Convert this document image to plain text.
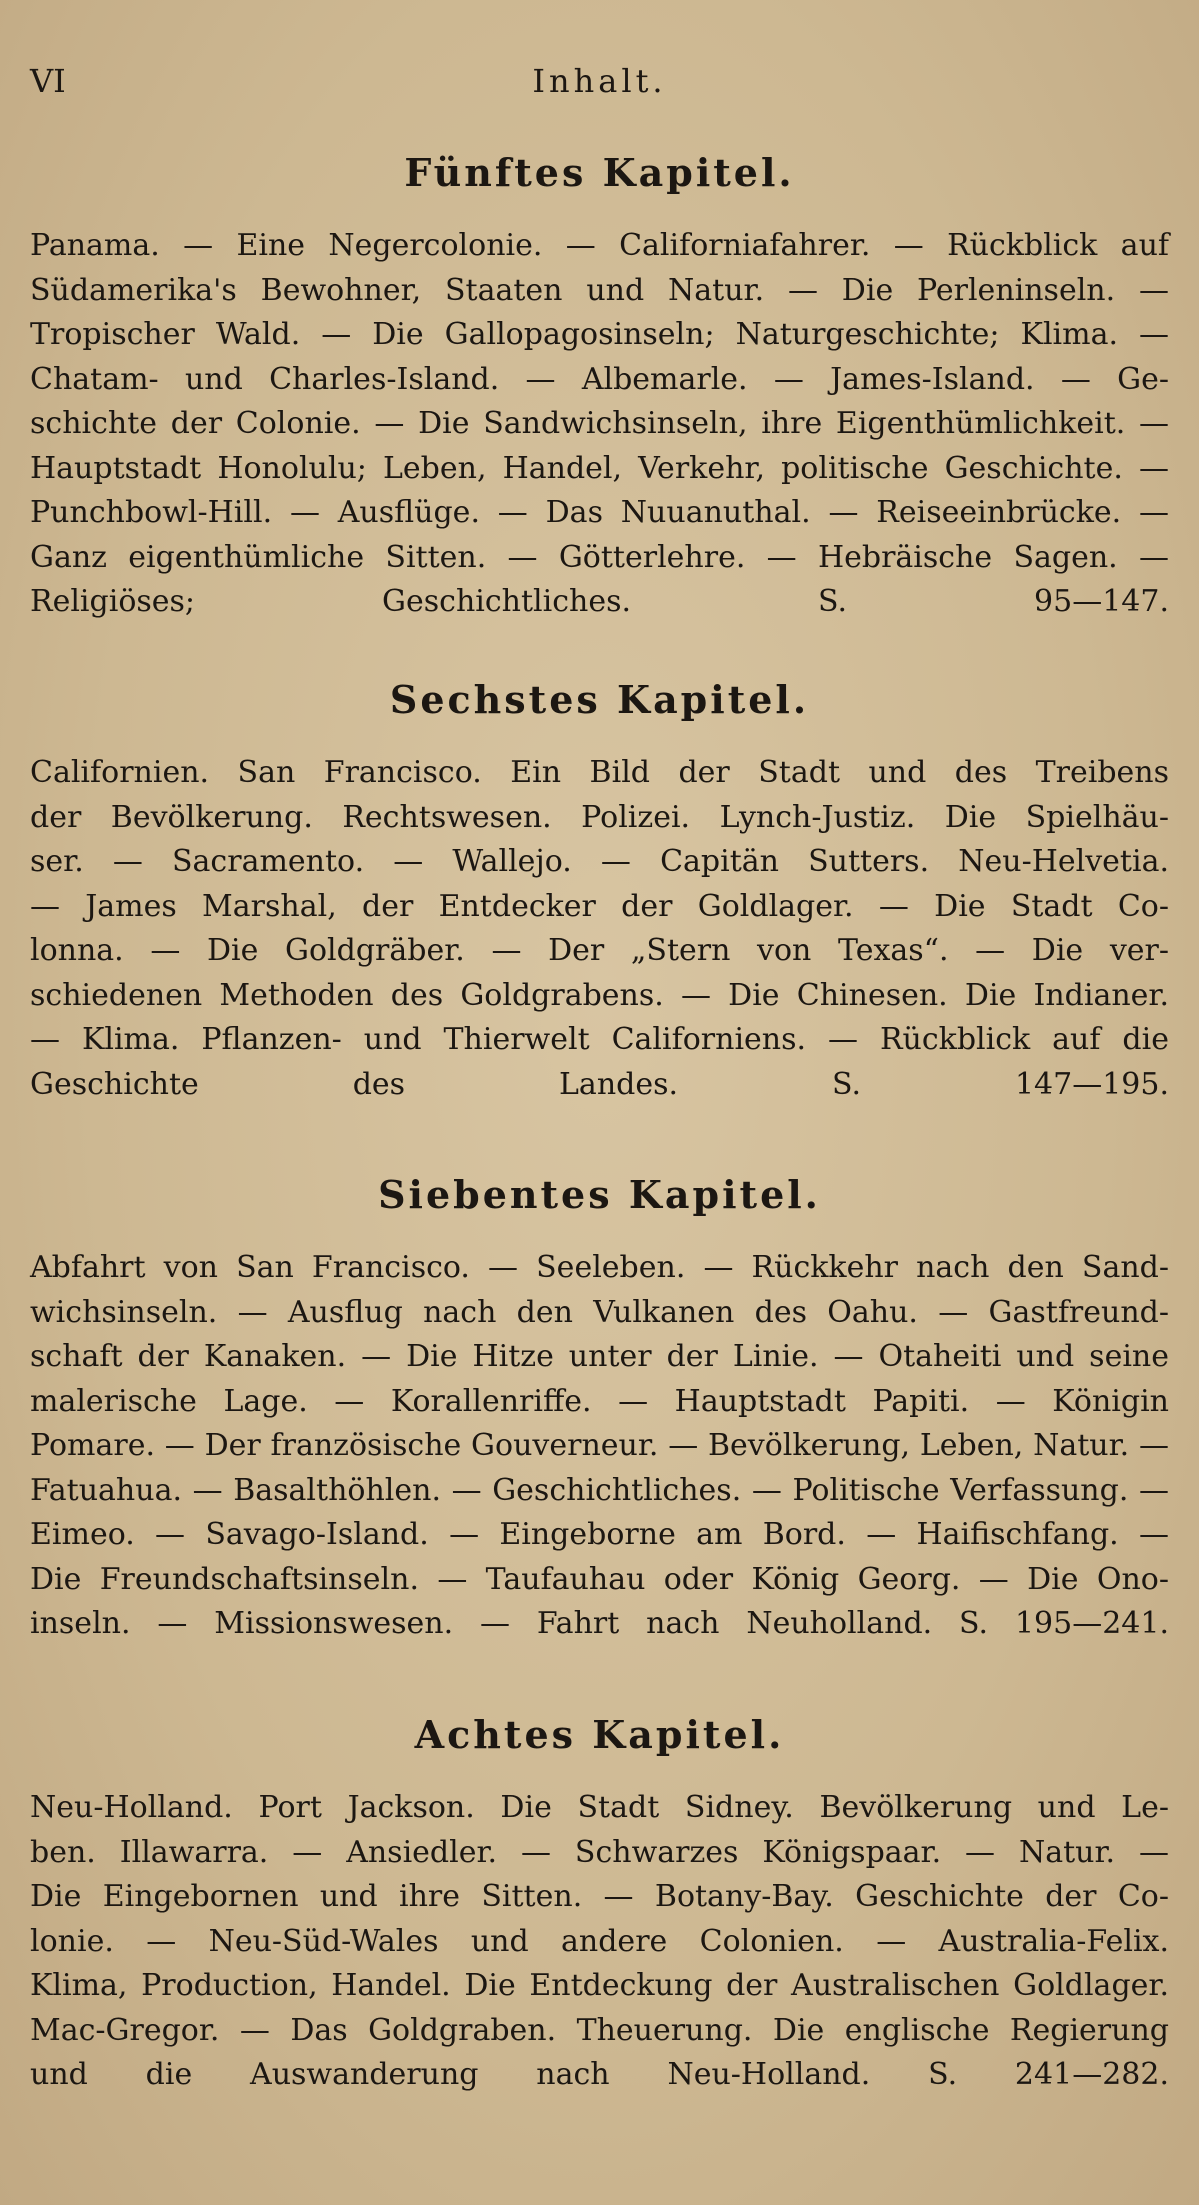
VI	Inhalt.
Fünftes Kapitel.
Panama. — Eine Negercolonie. — Californiafahrer. — Rückblick auf
Südamerika's Bewohner, Staaten und Natur. — Die Perleninseln. —
Tropischer Wald. — Die Gallopagosinseln; Naturgeschichte; Klima. —
Chatam- und Charles-Island. — Albemarle. — James-Island. — Ge-
schichte der Colonie. — Die Sandwichsinseln, ihre Eigenthümlichkeit. —
Hauptstadt Honolulu; Leben, Handel, Verkehr, politische Geschichte. —
Punchbowl-Hill. — Ausflüge. — Das Nuuanuthal. — Reiseeinbrücke. —
Ganz eigenthümliche Sitten. — Götterlehre. — Hebräische Sagen. —
Religiöses; Geschichtliches. S. 95—147.
Sechstes Kapitel.
Californien. San Francisco. Ein Bild der Stadt und des Treibens
der Bevölkerung. Rechtswesen. Polizei. Lynch-Justiz. Die Spielhäu-
ser. — Sacramento. — Wallejo. — Capitän Sutters. Neu-Helvetia.
— James Marshal, der Entdecker der Goldlager. — Die Stadt Co-
lonna. — Die Goldgräber. — Der „Stern von Texas“. — Die ver-
schiedenen Methoden des Goldgrabens. — Die Chinesen. Die Indianer.
— Klima. Pflanzen- und Thierwelt Californiens. — Rückblick auf die
Geschichte des Landes. S. 147—195.
Siebentes Kapitel.
Abfahrt von San Francisco. — Seeleben. — Rückkehr nach den Sand-
wichsinseln. — Ausflug nach den Vulkanen des Oahu. — Gastfreund-
schaft der Kanaken. — Die Hitze unter der Linie. — Otaheiti und seine
malerische Lage. — Korallenriffe. — Hauptstadt Papiti. — Königin
Pomare. — Der französische Gouverneur. — Bevölkerung, Leben, Natur. —
Fatuahua. — Basalthöhlen. — Geschichtliches. — Politische Verfassung. —
Eimeo. — Savago-Island. — Eingeborne am Bord. — Haifischfang. —
Die Freundschaftsinseln. — Taufauhau oder König Georg. — Die Ono-
inseln. — Missionswesen. — Fahrt nach Neuholland. S. 195—241.
Achtes Kapitel.
Neu-Holland. Port Jackson. Die Stadt Sidney. Bevölkerung und Le-
ben. Illawarra. — Ansiedler. — Schwarzes Königspaar. — Natur. —
Die Eingebornen und ihre Sitten. — Botany-Bay. Geschichte der Co-
lonie. — Neu-Süd-Wales und andere Colonien. — Australia-Felix.
Klima, Production, Handel. Die Entdeckung der Australischen Goldlager.
Mac-Gregor. — Das Goldgraben. Theuerung. Die englische Regierung
und die Auswanderung nach Neu-Holland. S. 241—282.
